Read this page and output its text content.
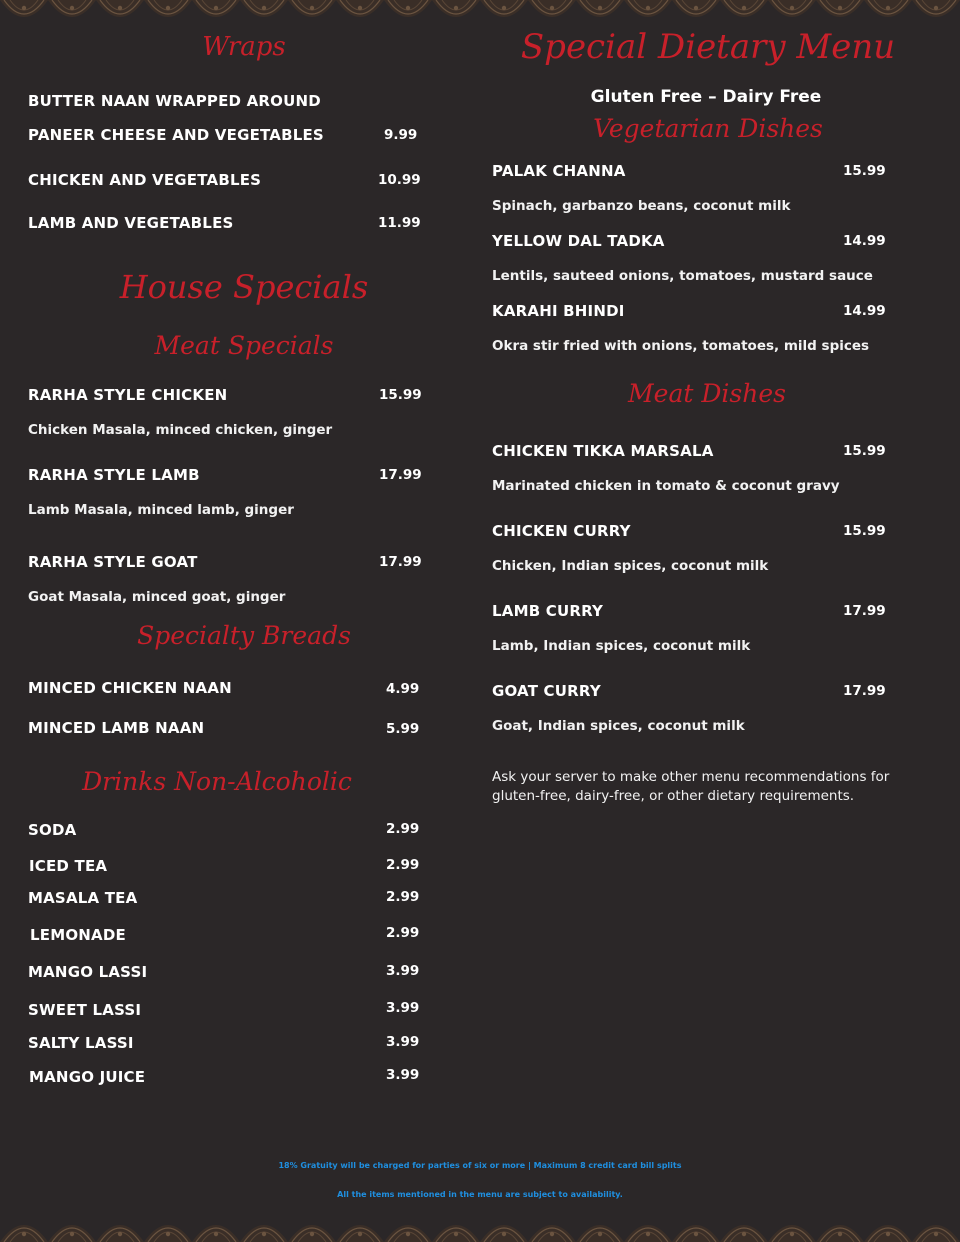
Wraps
BUTTER NAAN WRAPPED AROUND
PANEER CHEESE AND VEGETABLES	9.99
CHICKEN AND VEGETABLES	10.99
LAMB AND VEGETABLES	11.99
House Specials
Meat Specials
RARHA STYLE CHICKEN	15.99
Chicken Masala, minced chicken, ginger
RARHA STYLE LAMB	17.99
Lamb Masala, minced lamb, ginger
RARHA STYLE GOAT	17.99
Goat Masala, minced goat, ginger
Specialty Breads
MINCED CHICKEN NAAN	4.99
MINCED LAMB NAAN	5.99
Drinks Non-Alcoholic
SODA	2.99
ICED TEA	2.99
MASALA TEA	2.99
LEMONADE	2.99
MANGO LASSI	3.99
SWEET LASSI	3.99
SALTY LASSI	3.99
MANGO JUICE	3.99
Special Dietary Menu
Gluten Free – Dairy Free
Vegetarian Dishes
PALAK CHANNA	15.99
Spinach, garbanzo beans, coconut milk
YELLOW DAL TADKA	14.99
Lentils, sauteed onions, tomatoes, mustard sauce
KARAHI BHINDI	14.99
Okra stir fried with onions, tomatoes, mild spices
Meat Dishes
CHICKEN TIKKA MARSALA	15.99
Marinated chicken in tomato & coconut gravy
CHICKEN CURRY	15.99
Chicken, Indian spices, coconut milk
LAMB CURRY	17.99
Lamb, Indian spices, coconut milk
GOAT CURRY	17.99
Goat, Indian spices, coconut milk
Ask your server to make other menu recommendations for gluten-free, dairy-free, or other dietary requirements.
18% Gratuity will be charged for parties of six or more | Maximum 8 credit card bill splits
All the items mentioned in the menu are subject to availability.
